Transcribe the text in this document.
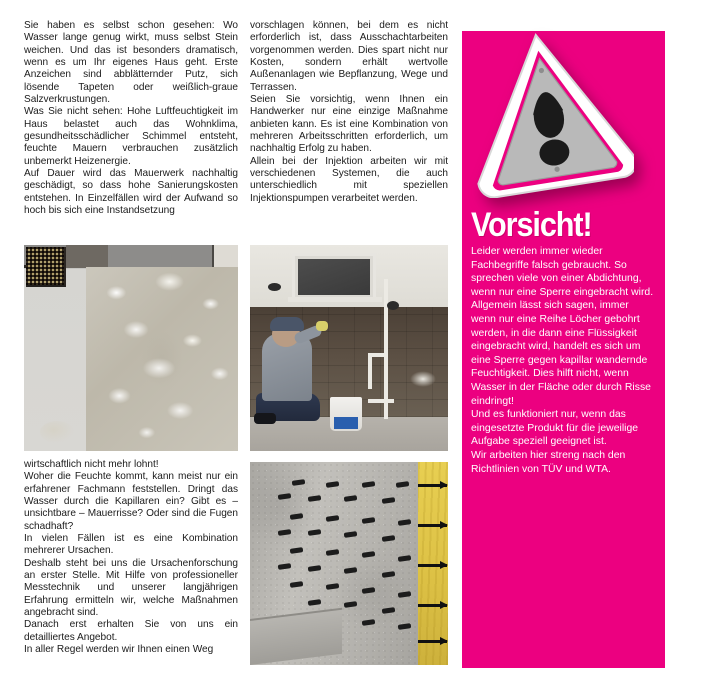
Sie haben es selbst schon gesehen: Wo Wasser lange genug wirkt, muss selbst Stein weichen. Und das ist besonders dramatisch, wenn es um Ihr eigenes Haus geht. Erste Anzeichen sind abblätternder Putz, sich lösende Tapeten oder weißlich-graue Salzverkrustungen.

Was Sie nicht sehen: Hohe Luftfeuchtigkeit im Haus belastet auch das Wohnklima, gesundheitsschädlicher Schimmel entsteht, feuchte Mauern verbrauchen zusätzlich unbemerkt Heizenergie.

Auf Dauer wird das Mauerwerk nachhaltig geschädigt, so dass hohe Sanierungskosten entstehen. In Einzelfällen wird der Aufwand so hoch bis sich eine Instandsetzung

vorschlagen können, bei dem es nicht erforderlich ist, dass Ausschachtarbeiten vorgenommen werden. Dies spart nicht nur Kosten, sondern erhält wertvolle Außenanlagen wie Bepflanzung, Wege und Terrassen.

Seien Sie vorsichtig, wenn Ihnen ein Handwerker nur eine einzige Maßnahme anbieten kann. Es ist eine Kombination von mehreren Arbeitsschritten erforderlich, um nachhaltig Erfolg zu haben.

Allein bei der Injektion arbeiten wir mit verschiedenen Systemen, die auch unterschiedlich mit speziellen Injektionspumpen verarbeitet werden.

wirtschaftlich nicht mehr lohnt!

Woher die Feuchte kommt, kann meist nur ein erfahrener Fachmann feststellen. Dringt das Wasser durch die Kapillaren ein? Gibt es – unsichtbare – Mauerrisse? Oder sind die Fugen schadhaft?

In vielen Fällen ist es eine Kombination mehrerer Ursachen.

Deshalb steht bei uns die Ursachenforschung an erster Stelle. Mit Hilfe von professioneller Messtechnik und unserer langjährigen Erfahrung ermitteln wir, welche Maßnahmen angebracht sind.

Danach erst erhalten Sie von uns ein detailliertes Angebot.

In aller Regel werden wir Ihnen einen Weg

Vorsicht!

Leider werden immer wieder Fachbegriffe falsch gebraucht. So sprechen viele von einer Abdichtung, wenn nur eine Sperre eingebracht wird.

Allgemein lässt sich sagen, immer wenn nur eine Reihe Löcher gebohrt werden, in die dann eine Flüssigkeit eingebracht wird, handelt es sich um eine Sperre gegen kapillar wandernde Feuchtigkeit. Dies hilft nicht, wenn Wasser in der Fläche oder durch Risse eindringt!

Und es funktioniert nur, wenn das eingesetzte Produkt für die jeweilige Aufgabe speziell geeignet ist.

Wir arbeiten hier streng nach den Richtlinien von TÜV und WTA.
